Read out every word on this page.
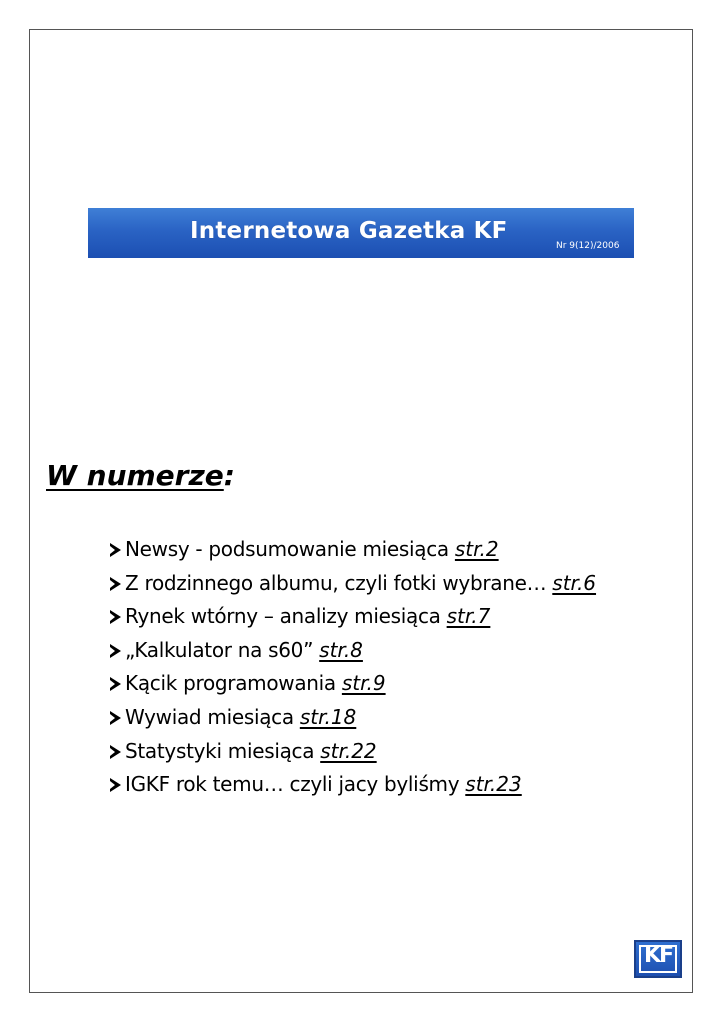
Internetowa Gazetka KF
Nr 9(12)/2006
W numerze:
Newsy - podsumowanie miesiąca str.2
Z rodzinnego albumu, czyli fotki wybrane… str.6
Rynek wtórny – analizy miesiąca str.7
„Kalkulator na s60” str.8
Kącik programowania str.9
Wywiad miesiąca str.18
Statystyki miesiąca str.22
IGKF rok temu… czyli jacy byliśmy str.23
KF
